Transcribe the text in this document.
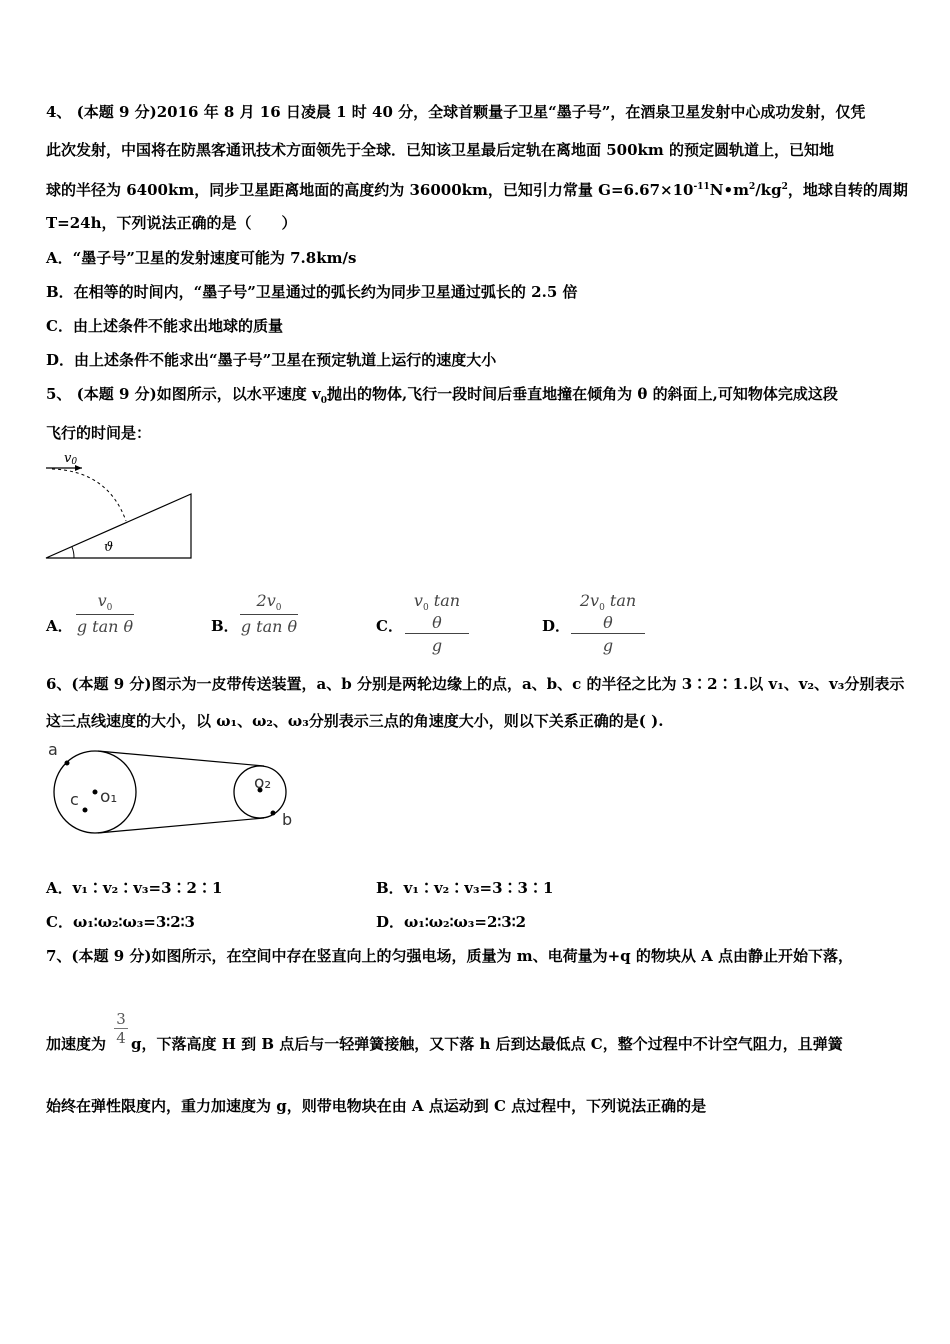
4、 (本题 9 分)2016 年 8 月 16 日凌晨 1 时 40 分，全球首颗量子卫星“墨子号”，在酒泉卫星发射中心成功发射，仅凭
此次发射，中国将在防黑客通讯技术方面领先于全球．已知该卫星最后定轨在离地面 500km 的预定圆轨道上，已知地
球的半径为 6400km，同步卫星距离地面的高度约为 36000km，已知引力常量 $G=6.67\times 10^{-11}N•m^2/kg^2$，地球自转的周期
T=24h，下列说法正确的是（　　）
A．“墨子号”卫星的发射速度可能为 7.8km/s
B．在相等的时间内，“墨子号”卫星通过的弧长约为同步卫星通过弧长的 2.5 倍
C．由上述条件不能求出地球的质量
D．由上述条件不能求出“墨子号”卫星在预定轨道上运行的速度大小
5、 (本题 9 分)如图所示，以水平速度 $v_0$抛出的物体,飞行一段时间后垂直地撞在倾角为 θ 的斜面上,可知物体完成这段
飞行的时间是：
v0
ϑ
A． $\frac{v_0}{\text{g tan θ}}$	B． $\frac{2v_0}{\text{g tan θ}}$	C． $\frac{v_0 \tan \theta}{g}$	D． $\frac{2v_0 \tan \theta}{g}$
6、(本题 9 分)图示为一皮带传送装置，a、b 分别是两轮边缘上的点，a、b、c 的半径之比为 3∶2∶1.以 v₁、v₂、v₃分别表示
这三点线速度的大小，以 ω₁、ω₂、ω₃分别表示三点的角速度大小，则以下关系正确的是( ).
a
c o₁
o₂
b
A．v₁∶v₂∶v₃=3∶2∶1	B．v₁∶v₂∶v₃=3∶3∶1
C．ω₁∶ω₂∶ω₃=3∶2∶3	D．ω₁∶ω₂∶ω₃=2∶3∶2
7、(本题 9 分)如图所示，在空间中存在竖直向上的匀强电场，质量为 m、电荷量为+q 的物块从 A 点由静止开始下落，
加速度为 $\frac{3}{4}$ g，下落高度 H 到 B 点后与一轻弹簧接触，又下落 h 后到达最低点 C，整个过程中不计空气阻力，且弹簧
始终在弹性限度内，重力加速度为 g，则带电物块在由 A 点运动到 C 点过程中，下列说法正确的是
